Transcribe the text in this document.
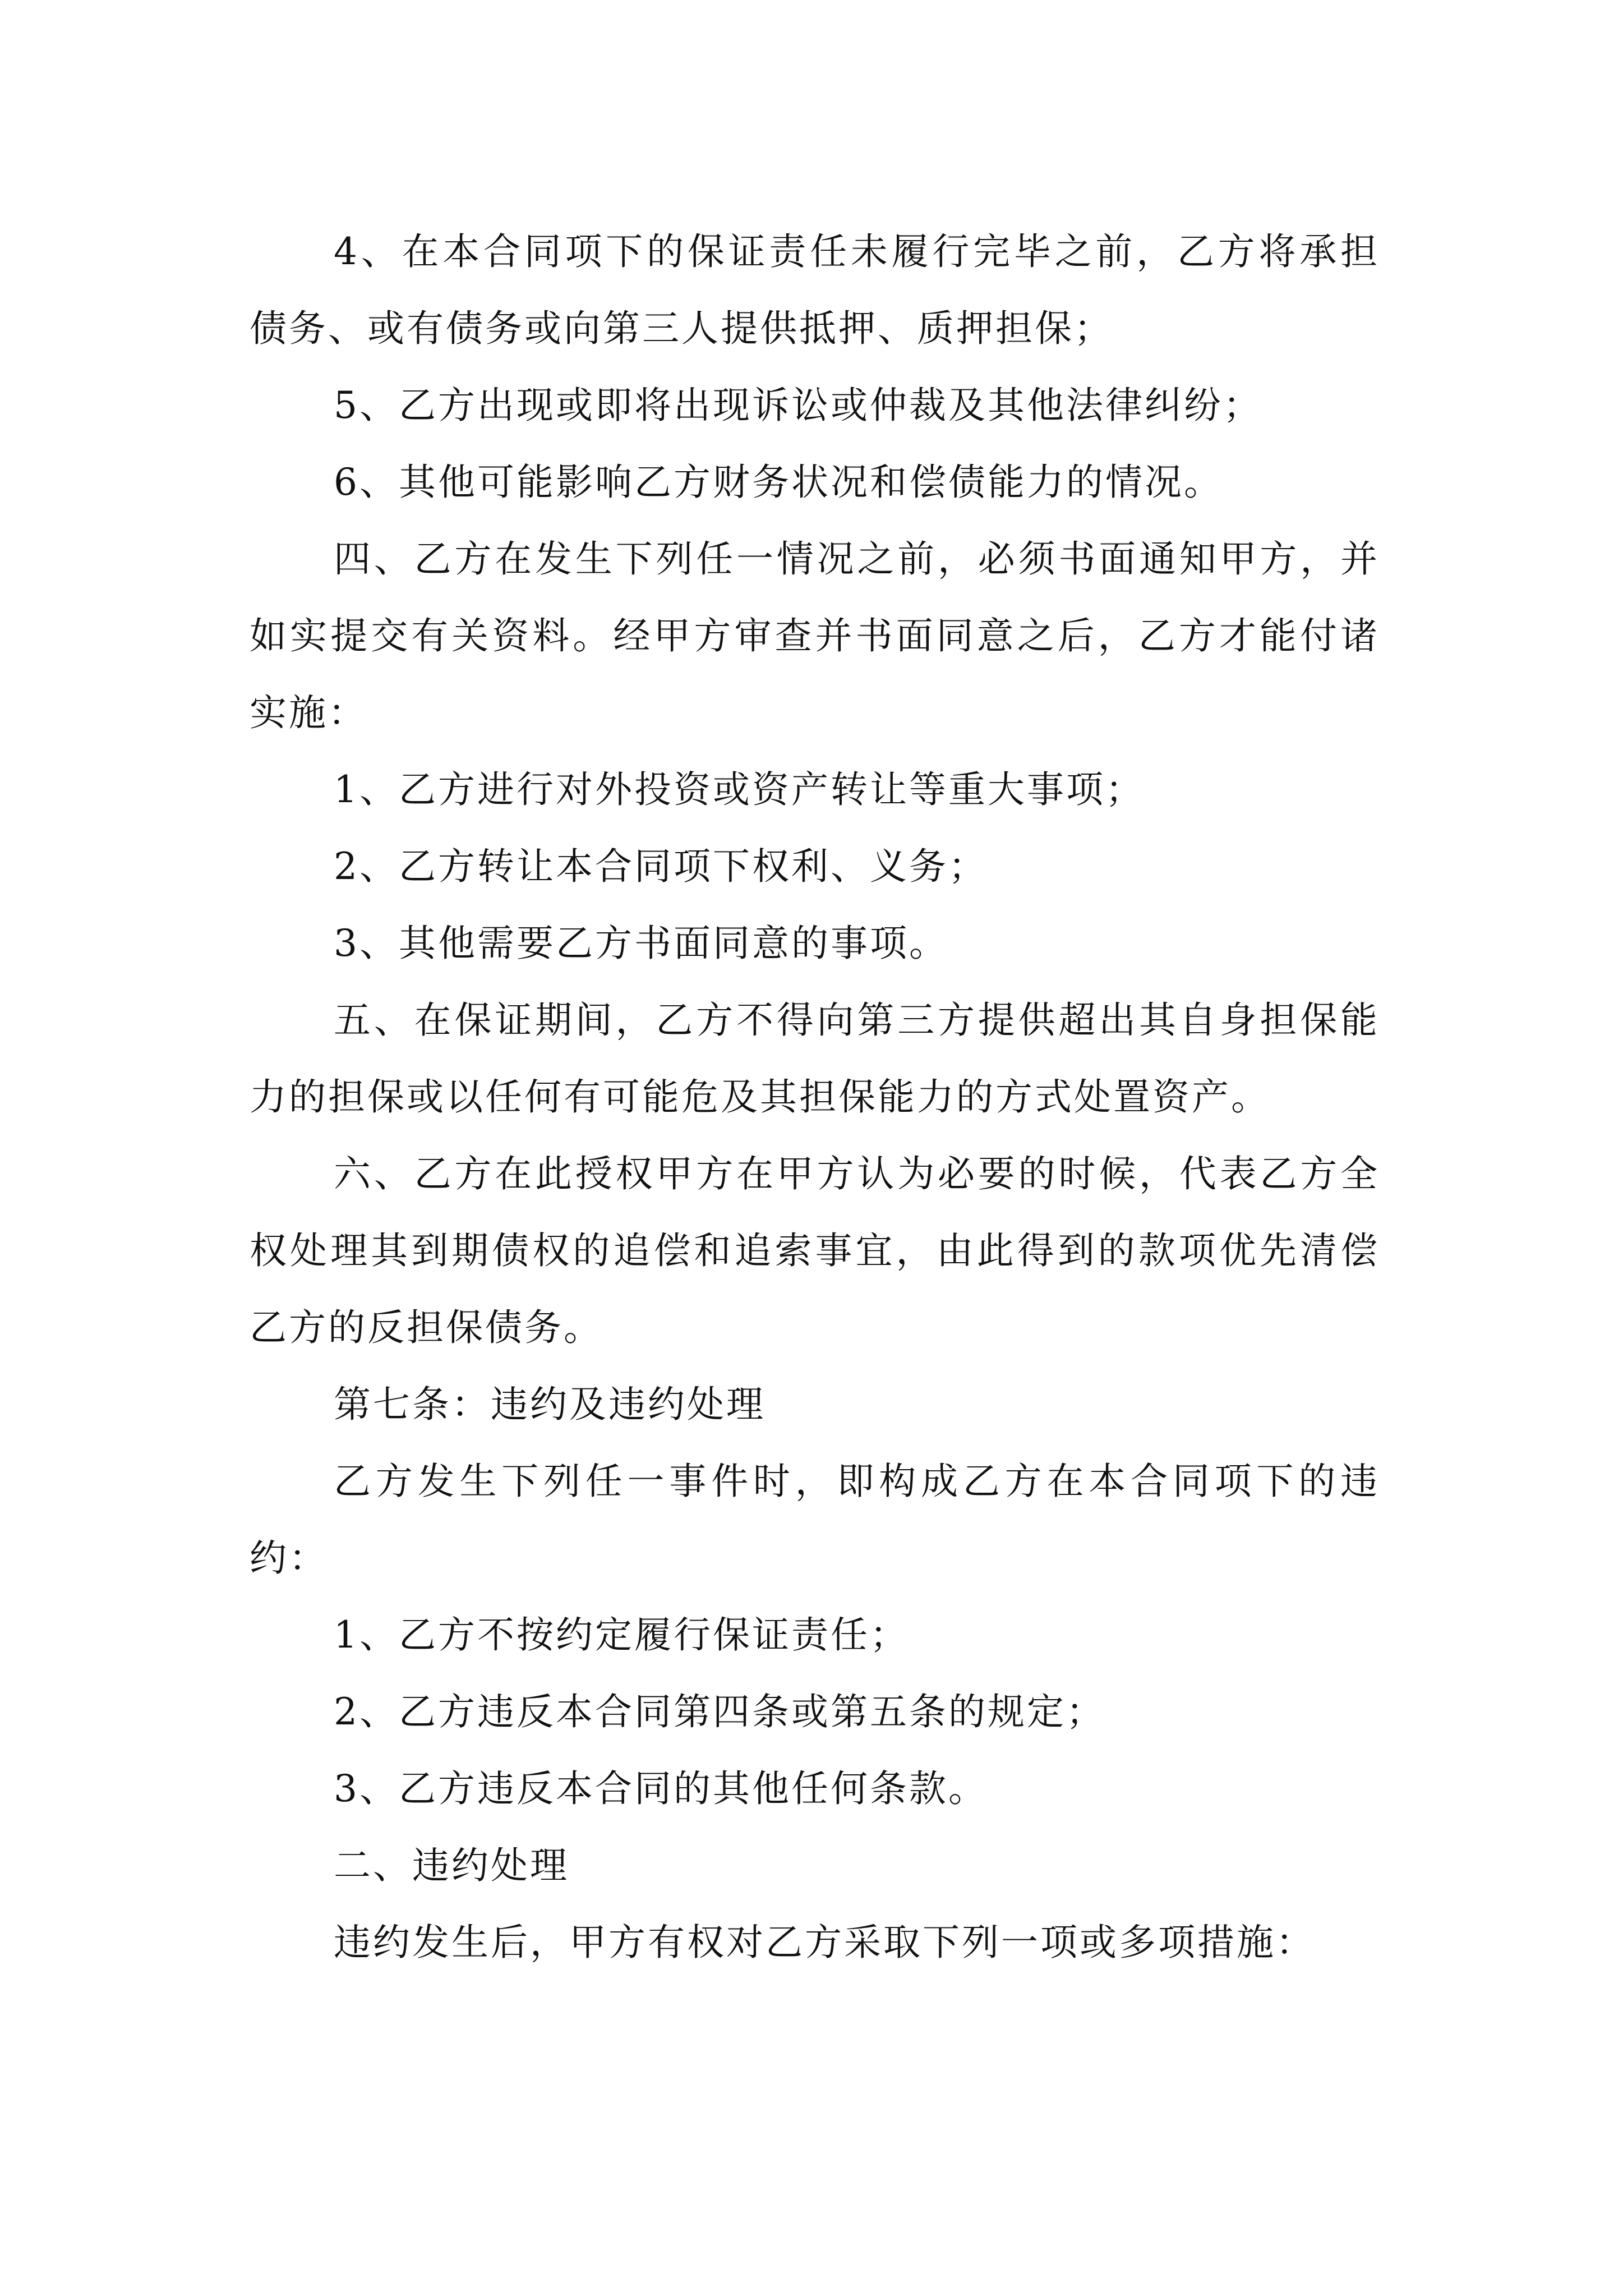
4、在本合同项下的保证责任未履行完毕之前，乙方将承担债务、或有债务或向第三人提供抵押、质押担保；

5、乙方出现或即将出现诉讼或仲裁及其他法律纠纷；

6、其他可能影响乙方财务状况和偿债能力的情况。

四、乙方在发生下列任一情况之前，必须书面通知甲方，并如实提交有关资料。经甲方审查并书面同意之后，乙方才能付诸实施：

1、乙方进行对外投资或资产转让等重大事项；

2、乙方转让本合同项下权利、义务；

3、其他需要乙方书面同意的事项。

五、在保证期间，乙方不得向第三方提供超出其自身担保能力的担保或以任何有可能危及其担保能力的方式处置资产。

六、乙方在此授权甲方在甲方认为必要的时候，代表乙方全权处理其到期债权的追偿和追索事宜，由此得到的款项优先清偿乙方的反担保债务。

第七条：违约及违约处理

乙方发生下列任一事件时，即构成乙方在本合同项下的违约：

1、乙方不按约定履行保证责任；

2、乙方违反本合同第四条或第五条的规定；

3、乙方违反本合同的其他任何条款。

二、违约处理

违约发生后，甲方有权对乙方采取下列一项或多项措施：
